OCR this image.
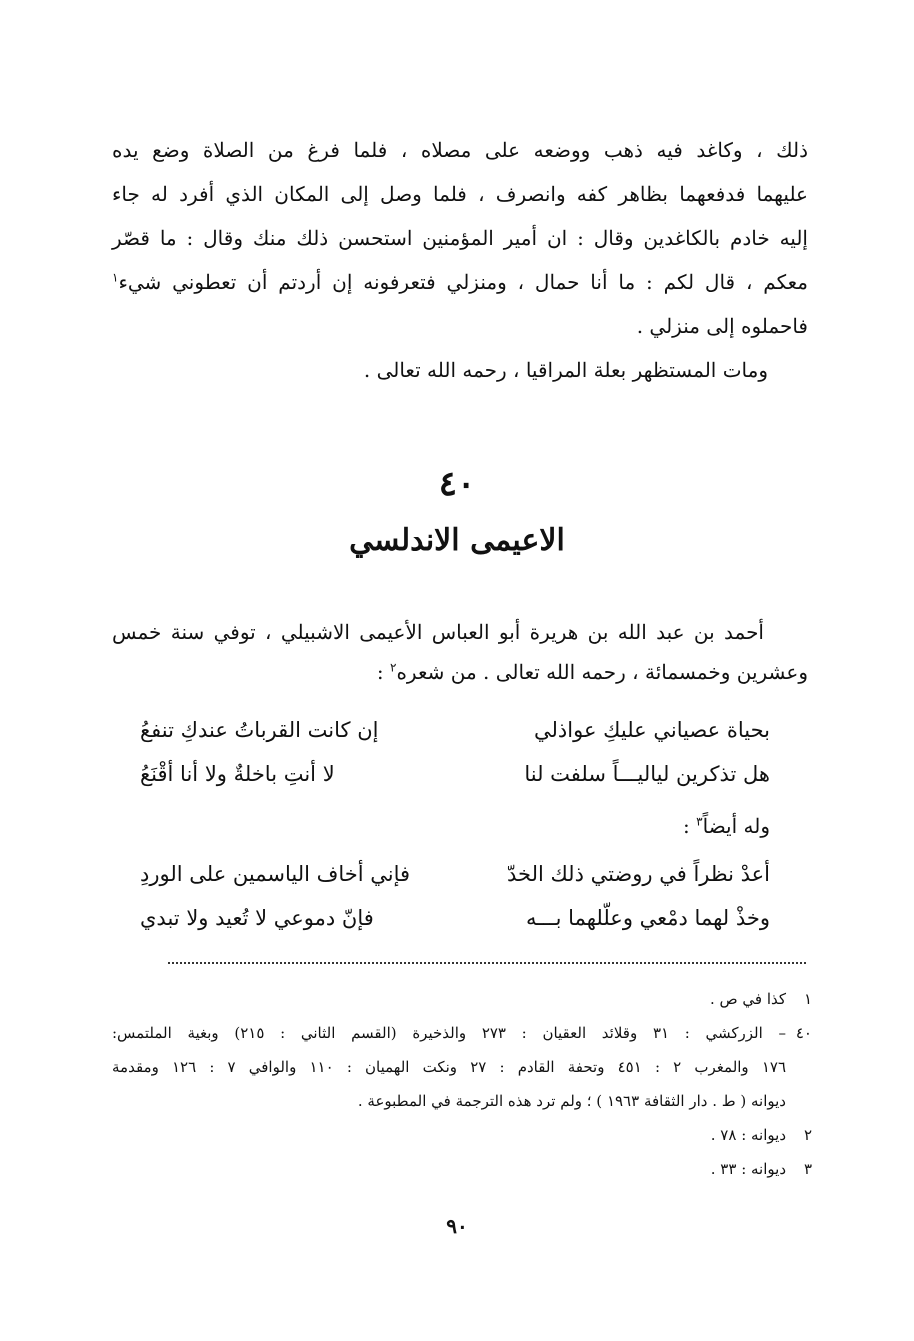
ذلك ، وكاغد فيه ذهب ووضعه على مصلاه ، فلما فرغ من الصلاة وضع يده

عليهما فدفعهما بظاهر كفه وانصرف ، فلما وصل إلى المكان الذي أفرد له جاء

إليه خادم بالكاغدين وقال : ان أمير المؤمنين استحسن ذلك منك وقال : ما قصّر

معكم ، قال لكم : ما أنا حمال ، ومنزلي فتعرفونه إن أردتم أن تعطوني شيء$^١$

فاحملوه إلى منزلي .

ومات المستظهر بعلة المراقيا ، رحمه الله تعالى .

٤٠
الاعيمى الاندلسي

أحمد بن عبد الله بن هريرة أبو العباس الأعيمى الاشبيلي ، توفي سنة خمس

وعشرين وخمسمائة ، رحمه الله تعالى . من شعره$^٢$ :

بحياة عصياني عليكِ عواذلي
إن كانت القرباتُ عندكِ تنفعُ
هل تذكرين لياليـــاً سلفت لنا
لا أنتِ باخلةٌ ولا أنا أقْنَعُ
وله أيضاً$^٣$ :
أعدْ نظراً في روضتي ذلك الخدّ
فإني أخاف الياسمين على الوردِ
وخذْ لهما دمْعي وعلّلهما بـــه
فإنّ دموعي لا تُعيد ولا تبدي
١
كذا في ص .
٤٠
– الزركشي : ٣١ وقلائد العقيان : ٢٧٣ والذخيرة (القسم الثاني : ٢١٥) وبغية الملتمس:

١٧٦ والمغرب ٢ : ٤٥١ وتحفة القادم : ٢٧ ونكت الهميان : ١١٠ والوافي ٧ : ١٢٦ ومقدمة

ديوانه ( ط . دار الثقافة ١٩٦٣ ) ؛ ولم ترد هذه الترجمة في المطبوعة .

٢
ديوانه : ٧٨ .
٣
ديوانه : ٣٣ .
٩٠
